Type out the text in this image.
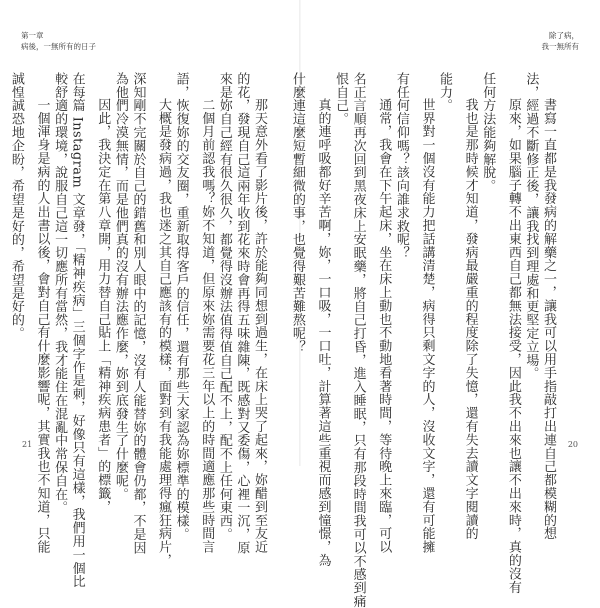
第一章
病後，一無所有的日子
那天意外看了影片後，許於能夠同想到過生，在床上哭了起來，妳醋到至友近
的花，發現自己這兩年收到花來時會再得五味雜陳，既感對又委傷，心裡一沉，原
來是妳自己經有很久很久，都覺得沒辦法值得值自己配不上，配不上任何東西。
二個月前認我嗎？妳不知道，但原來妳需要花三年以上的時間適應那些時間言
語，恢復妳的交友圈，重新取得客戶的信任，還有那些大家認為妳標準的模樣。
大概是發病過，我也迷之其自己應該有的模樣，面對到有我能處理得瘋狂病片，
深知剛不完關於自己的錯舊和別人眼中的記憶，沒有人能替妳的體會仍都，不是因
為他們冷漠無情，而是他們真的沒有辦法應作麼，妳到底發生了什麼呢。
因此，我決定在第八章開，用力替自己貼上「精神疾病患者」的標籤，
在每篇 Instagram 文章發，「精神疾病」三個字作是刺，好像只有這樣，我們用一個比
較舒適的環境，說服自己這一切應所有當然，我才能住在混亂中常保自在。
一個渾身是病的人出書以後，會對自己有什麼影響呢，其實我也不知道，只能
誠惶誠恐地企盼，希望是好的，希望是好的。
21
除了病，
我一無所有
書寫一直都是我發病的解藥之一，讓我可以用手指敲打出連自己都模糊的想
法，經過不斷修正後，讓我找到理處和更堅定立場。
原來，如果腦子轉不出東西自己都無法接受，因此我不出來也讓不出來時，真的沒有
任何方法能夠解脫。
我也是那時候才知道，發病最嚴重的程度除了失憶，還有失去讀文字閱讀的
能力。
世界對一個沒有能力把話講清楚，病得只剩文字的人，沒收文字，還有可能擁
有任何信仰嗎？該向誰求救呢？
通常，我會在下午起床，坐在床上動也不動地看著時間，等待晚上來臨，可以
名正言順再次回到黑夜床上安眠藥，將自己打昏，進入睡眠，只有那段時間我可以不感到痛
恨自己。
真的連呼吸都好辛苦啊，妳，一口吸，一口吐，計算著這些重視而感到憧憬，為
什麼連這麼短暫細微的事，也覺得艱苦難熬呢？
20
